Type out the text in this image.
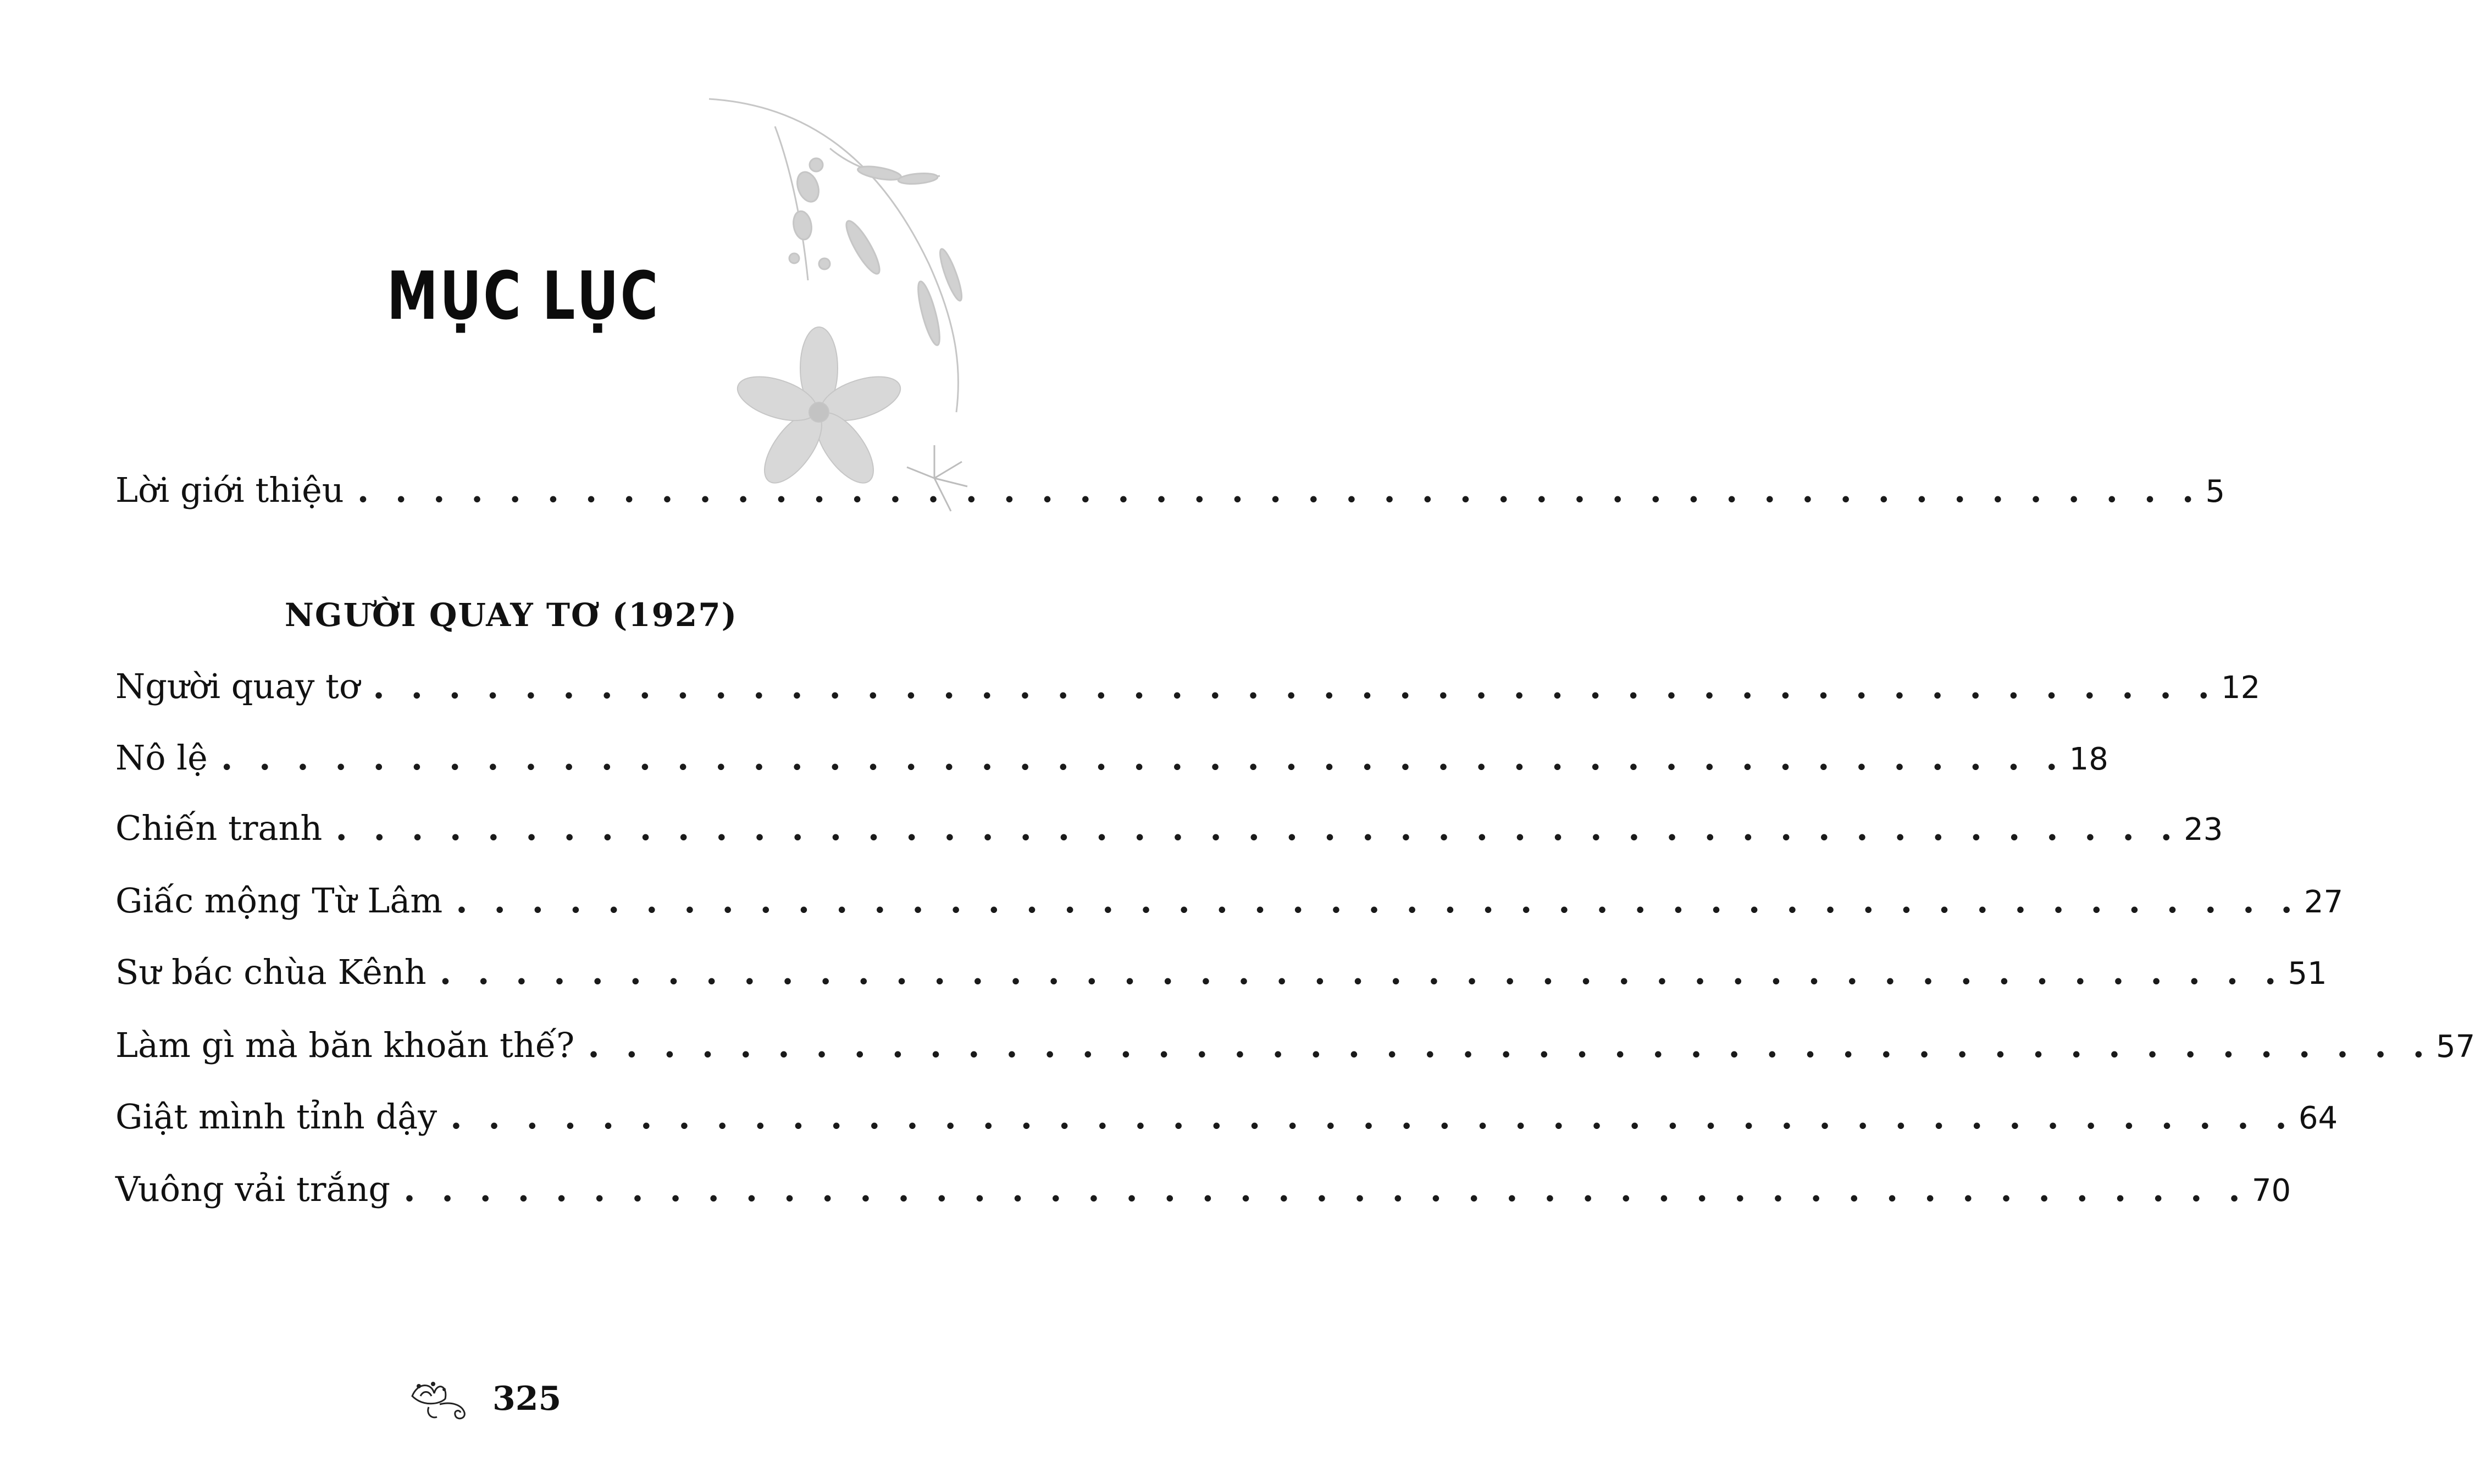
MỤC LỤC
Lời giới thiệu . . . . . . . . . . . . . . . . . . . . . . . . . . . . . . . . . . . . . . . . . . . . . . . . . 5
NGƯỜI QUAY TƠ (1927)
Người quay tơ . . . . . . . . . . . . . . . . . . . . . . . . . . . . . . . . . . . . . . . . . . . . . . . . . 12
Nô lệ . . . . . . . . . . . . . . . . . . . . . . . . . . . . . . . . . . . . . . . . . . . . . . . . . 18
Chiến tranh . . . . . . . . . . . . . . . . . . . . . . . . . . . . . . . . . . . . . . . . . . . . . . . . . 23
Giấc mộng Từ Lâm . . . . . . . . . . . . . . . . . . . . . . . . . . . . . . . . . . . . . . . . . . . . . . . . . 27
Sư bác chùa Kênh . . . . . . . . . . . . . . . . . . . . . . . . . . . . . . . . . . . . . . . . . . . . . . . . . 51
Làm gì mà băn khoăn thế? . . . . . . . . . . . . . . . . . . . . . . . . . . . . . . . . . . . . . . . . . . . . . . . . . 57
Giật mình tỉnh dậy . . . . . . . . . . . . . . . . . . . . . . . . . . . . . . . . . . . . . . . . . . . . . . . . . 64
Vuông vải trắng . . . . . . . . . . . . . . . . . . . . . . . . . . . . . . . . . . . . . . . . . . . . . . . . . 70
325
